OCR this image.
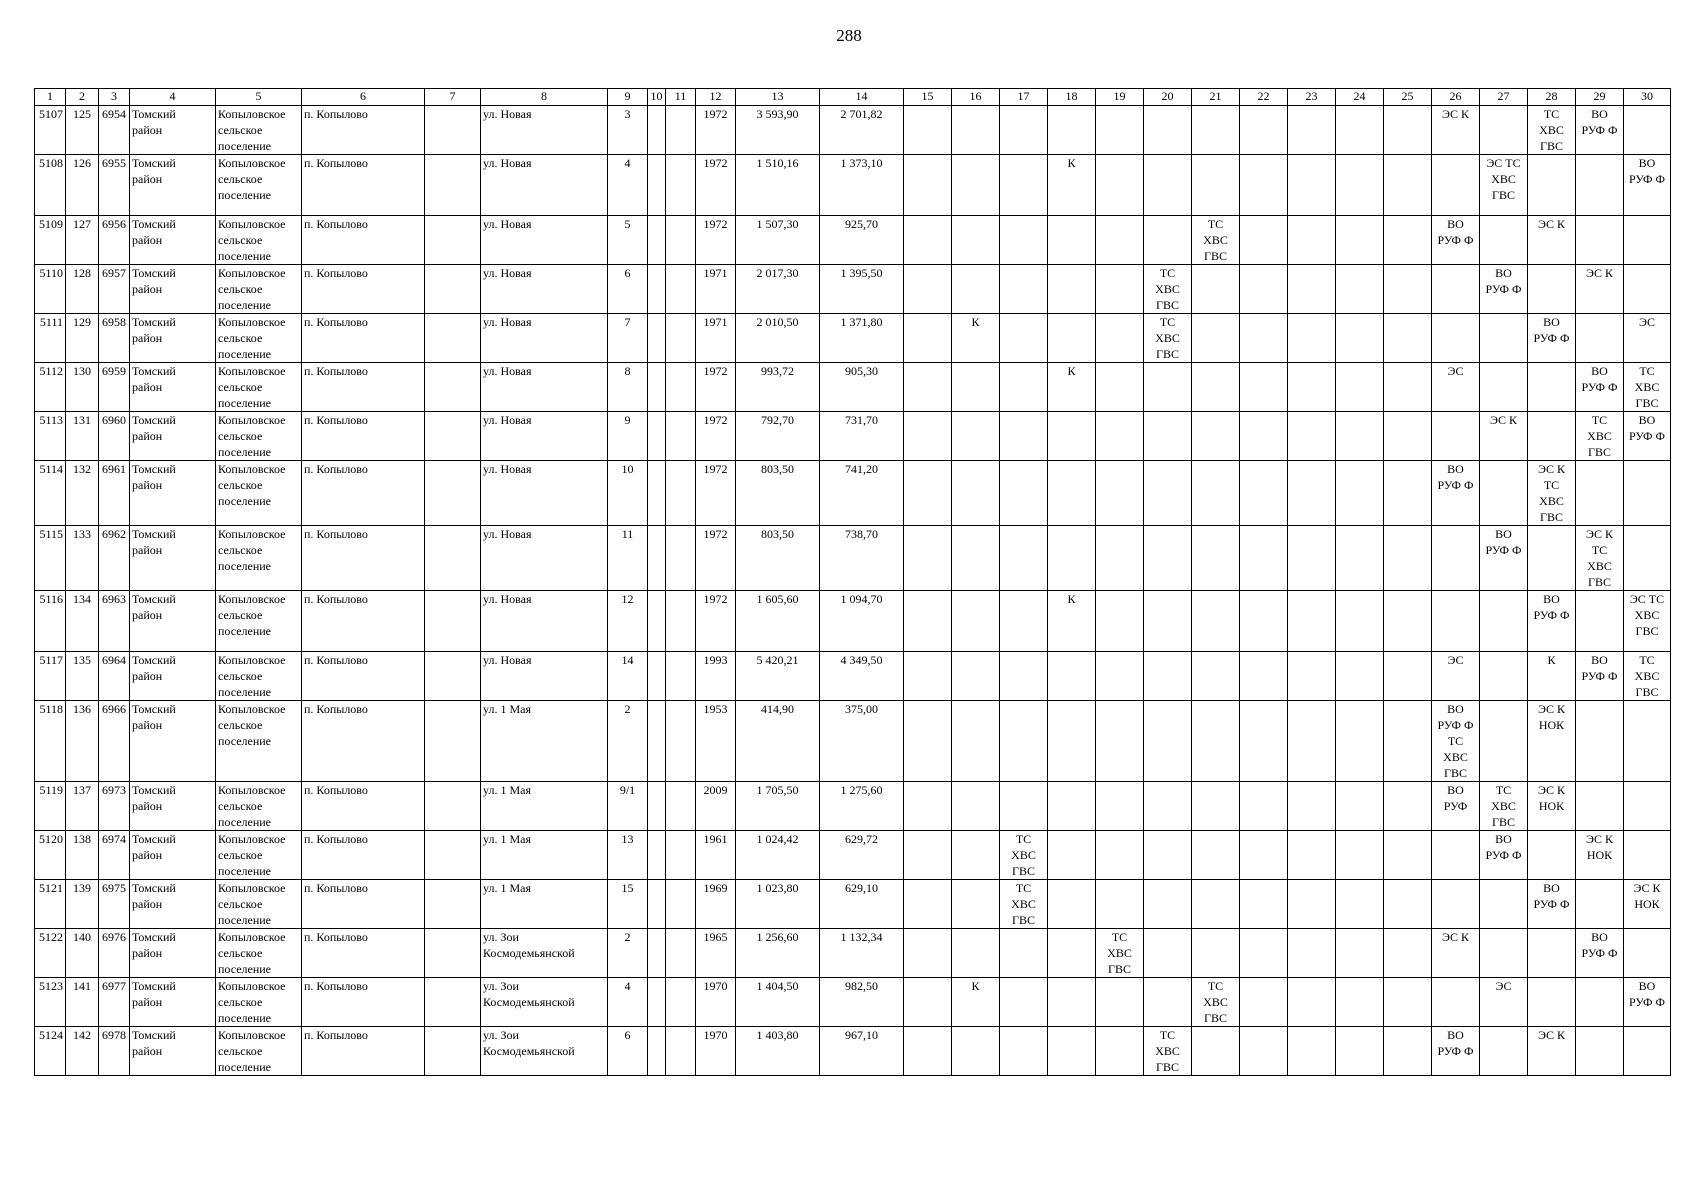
288
1	2	3	4	5	6	7	8	9	10	11	12	13	14	15	16	17	18	19	20	21	22	23	24	25	26	27	28	29	30
5107	125	6954	Томский
район	Копыловское
сельское
поселение	п. Копылово		ул. Новая	3			1972	3 593,90	2 701,82												ЭС К		ТС
ХВС
ГВС	ВО
РУФ Ф	
5108	126	6955	Томский
район	Копыловское
сельское
поселение	п. Копылово		ул. Новая	4			1972	1 510,16	1 373,10				К									ЭС ТС
ХВС
ГВС			ВО
РУФ Ф
5109	127	6956	Томский
район	Копыловское
сельское
поселение	п. Копылово		ул. Новая	5			1972	1 507,30	925,70							ТС
ХВС
ГВС					ВО
РУФ Ф		ЭС К		
5110	128	6957	Томский
район	Копыловское
сельское
поселение	п. Копылово		ул. Новая	6			1971	2 017,30	1 395,50						ТС
ХВС
ГВС							ВО
РУФ Ф		ЭС К	
5111	129	6958	Томский
район	Копыловское
сельское
поселение	п. Копылово		ул. Новая	7			1971	2 010,50	1 371,80		К				ТС
ХВС
ГВС								ВО
РУФ Ф		ЭС
5112	130	6959	Томский
район	Копыловское
сельское
поселение	п. Копылово		ул. Новая	8			1972	993,72	905,30				К								ЭС			ВО
РУФ Ф	ТС
ХВС
ГВС
5113	131	6960	Томский
район	Копыловское
сельское
поселение	п. Копылово		ул. Новая	9			1972	792,70	731,70													ЭС К		ТС
ХВС
ГВС	ВО
РУФ Ф
5114	132	6961	Томский
район	Копыловское
сельское
поселение	п. Копылово		ул. Новая	10			1972	803,50	741,20												ВО
РУФ Ф		ЭС К
ТС
ХВС
ГВС		
5115	133	6962	Томский
район	Копыловское
сельское
поселение	п. Копылово		ул. Новая	11			1972	803,50	738,70													ВО
РУФ Ф		ЭС К
ТС
ХВС
ГВС	
5116	134	6963	Томский
район	Копыловское
сельское
поселение	п. Копылово		ул. Новая	12			1972	1 605,60	1 094,70				К										ВО
РУФ Ф		ЭС ТС
ХВС
ГВС
5117	135	6964	Томский
район	Копыловское
сельское
поселение	п. Копылово		ул. Новая	14			1993	5 420,21	4 349,50												ЭС		К	ВО
РУФ Ф	ТС
ХВС
ГВС
5118	136	6966	Томский
район	Копыловское
сельское
поселение	п. Копылово		ул. 1 Мая	2			1953	414,90	375,00												ВО
РУФ Ф
ТС
ХВС
ГВС		ЭС К
НОК		
5119	137	6973	Томский
район	Копыловское
сельское
поселение	п. Копылово		ул. 1 Мая	9/1			2009	1 705,50	1 275,60												ВО
РУФ	ТС
ХВС
ГВС	ЭС К
НОК		
5120	138	6974	Томский
район	Копыловское
сельское
поселение	п. Копылово		ул. 1 Мая	13			1961	1 024,42	629,72			ТС
ХВС
ГВС										ВО
РУФ Ф		ЭС К
НОК	
5121	139	6975	Томский
район	Копыловское
сельское
поселение	п. Копылово		ул. 1 Мая	15			1969	1 023,80	629,10			ТС
ХВС
ГВС											ВО
РУФ Ф		ЭС К
НОК
5122	140	6976	Томский
район	Копыловское
сельское
поселение	п. Копылово		ул. Зои
Космодемьянской	2			1965	1 256,60	1 132,34					ТС
ХВС
ГВС							ЭС К			ВО
РУФ Ф	
5123	141	6977	Томский
район	Копыловское
сельское
поселение	п. Копылово		ул. Зои
Космодемьянской	4			1970	1 404,50	982,50		К					ТС
ХВС
ГВС						ЭС			ВО
РУФ Ф
5124	142	6978	Томский
район	Копыловское
сельское
поселение	п. Копылово		ул. Зои
Космодемьянской	6			1970	1 403,80	967,10						ТС
ХВС
ГВС						ВО
РУФ Ф		ЭС К		
